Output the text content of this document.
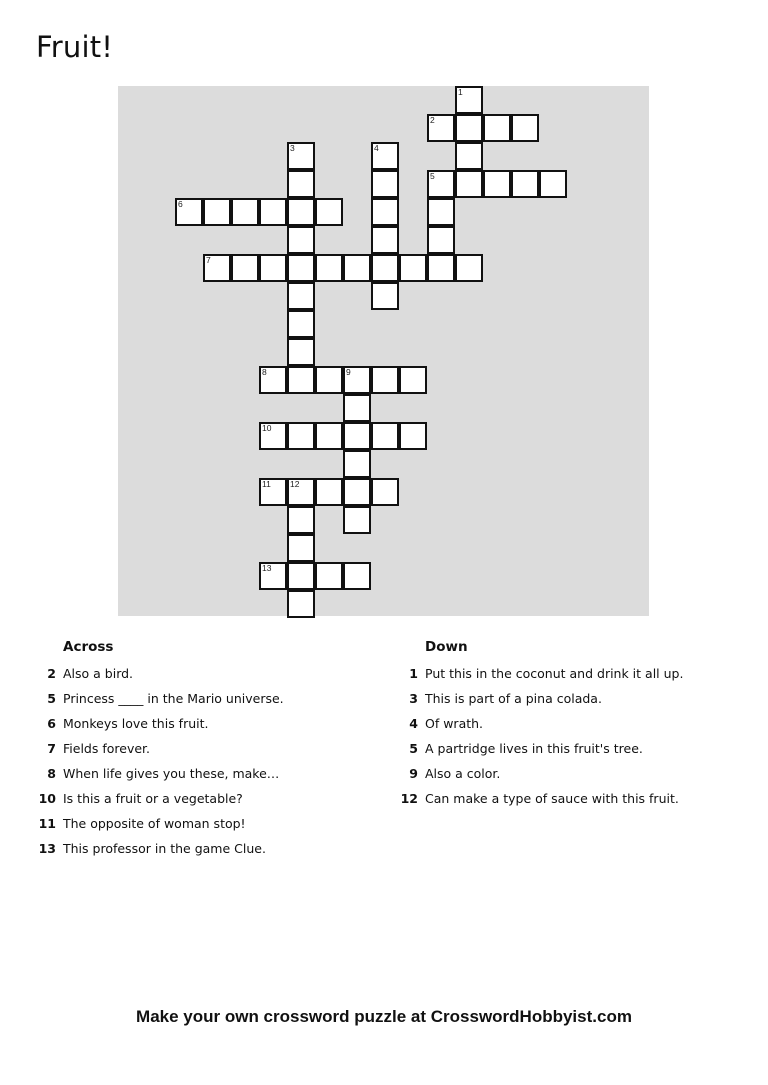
Fruit!
1
2
3	4
5
6
7
8	9
10
11 12
13
Across
2 Also a bird.
5 Princess ____ in the Mario universe.
6 Monkeys love this fruit.
7 Fields forever.
8 When life gives you these, make…
10 Is this a fruit or a vegetable?
11 The opposite of woman stop!
13 This professor in the game Clue.
Down
1 Put this in the coconut and drink it all up.
3 This is part of a pina colada.
4 Of wrath.
5 A partridge lives in this fruit's tree.
9 Also a color.
12 Can make a type of sauce with this fruit.
Make your own crossword puzzle at CrosswordHobbyist.com
